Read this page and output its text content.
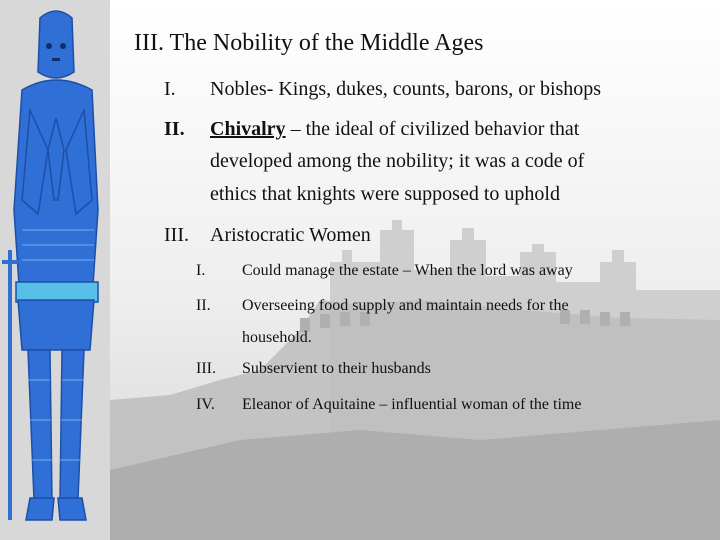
III. The Nobility of the Middle Ages
I. Nobles- Kings, dukes, counts, barons, or bishops
II. Chivalry – the ideal of civilized behavior that
developed among the nobility; it was a code of
ethics that knights were supposed to uphold
III. Aristocratic Women
I. Could manage the estate – When the lord was away
II. Overseeing food supply and maintain needs for the
household.
III. Subservient to their husbands
IV. Eleanor of Aquitaine – influential woman of the time
